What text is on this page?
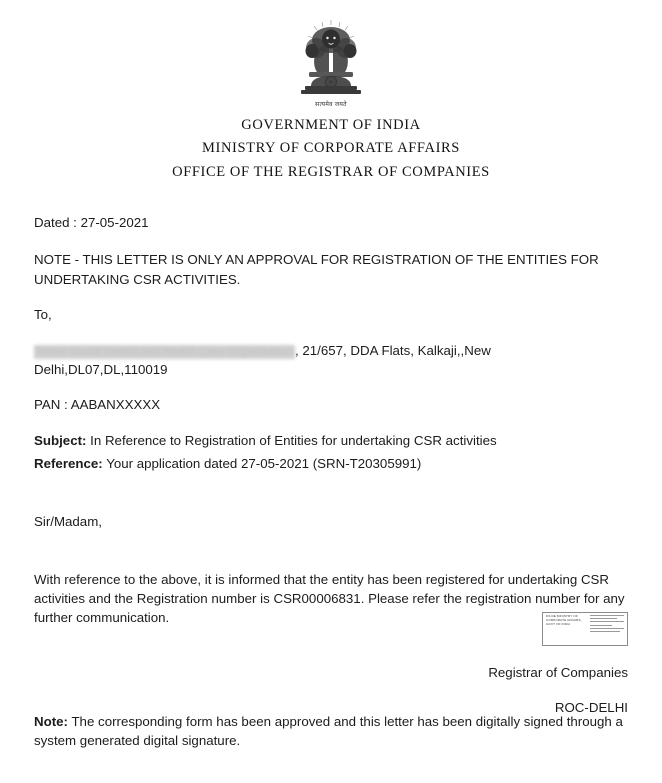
सत्यमेव जयते
GOVERNMENT OF INDIA
MINISTRY OF CORPORATE AFFAIRS
OFFICE OF THE REGISTRAR OF COMPANIES
Dated : 27-05-2021
NOTE - THIS LETTER IS ONLY AN APPROVAL FOR REGISTRATION OF THE ENTITIES FOR UNDERTAKING CSR ACTIVITIES.
To,
Name Social Health and Health Care Organisation , 21/657, DDA Flats, Kalkaji,,New
Delhi,DL07,DL,110019
PAN : AABANXXXXX
Subject: In Reference to Registration of Entities for undertaking CSR activities
Reference: Your application dated 27-05-2021 (SRN-T20305991)
Sir/Madam,
With reference to the above, it is informed that the entity has been registered for undertaking CSR activities and the Registration number is CSR00006831. Please refer the registration number for any further communication.	DS DE MINISTRY OF CORPORATE AFFAIRS, GOVT OF INDIA
Registrar of Companies
ROC-DELHI
Note: The corresponding form has been approved and this letter has been digitally signed through a system generated digital signature.
